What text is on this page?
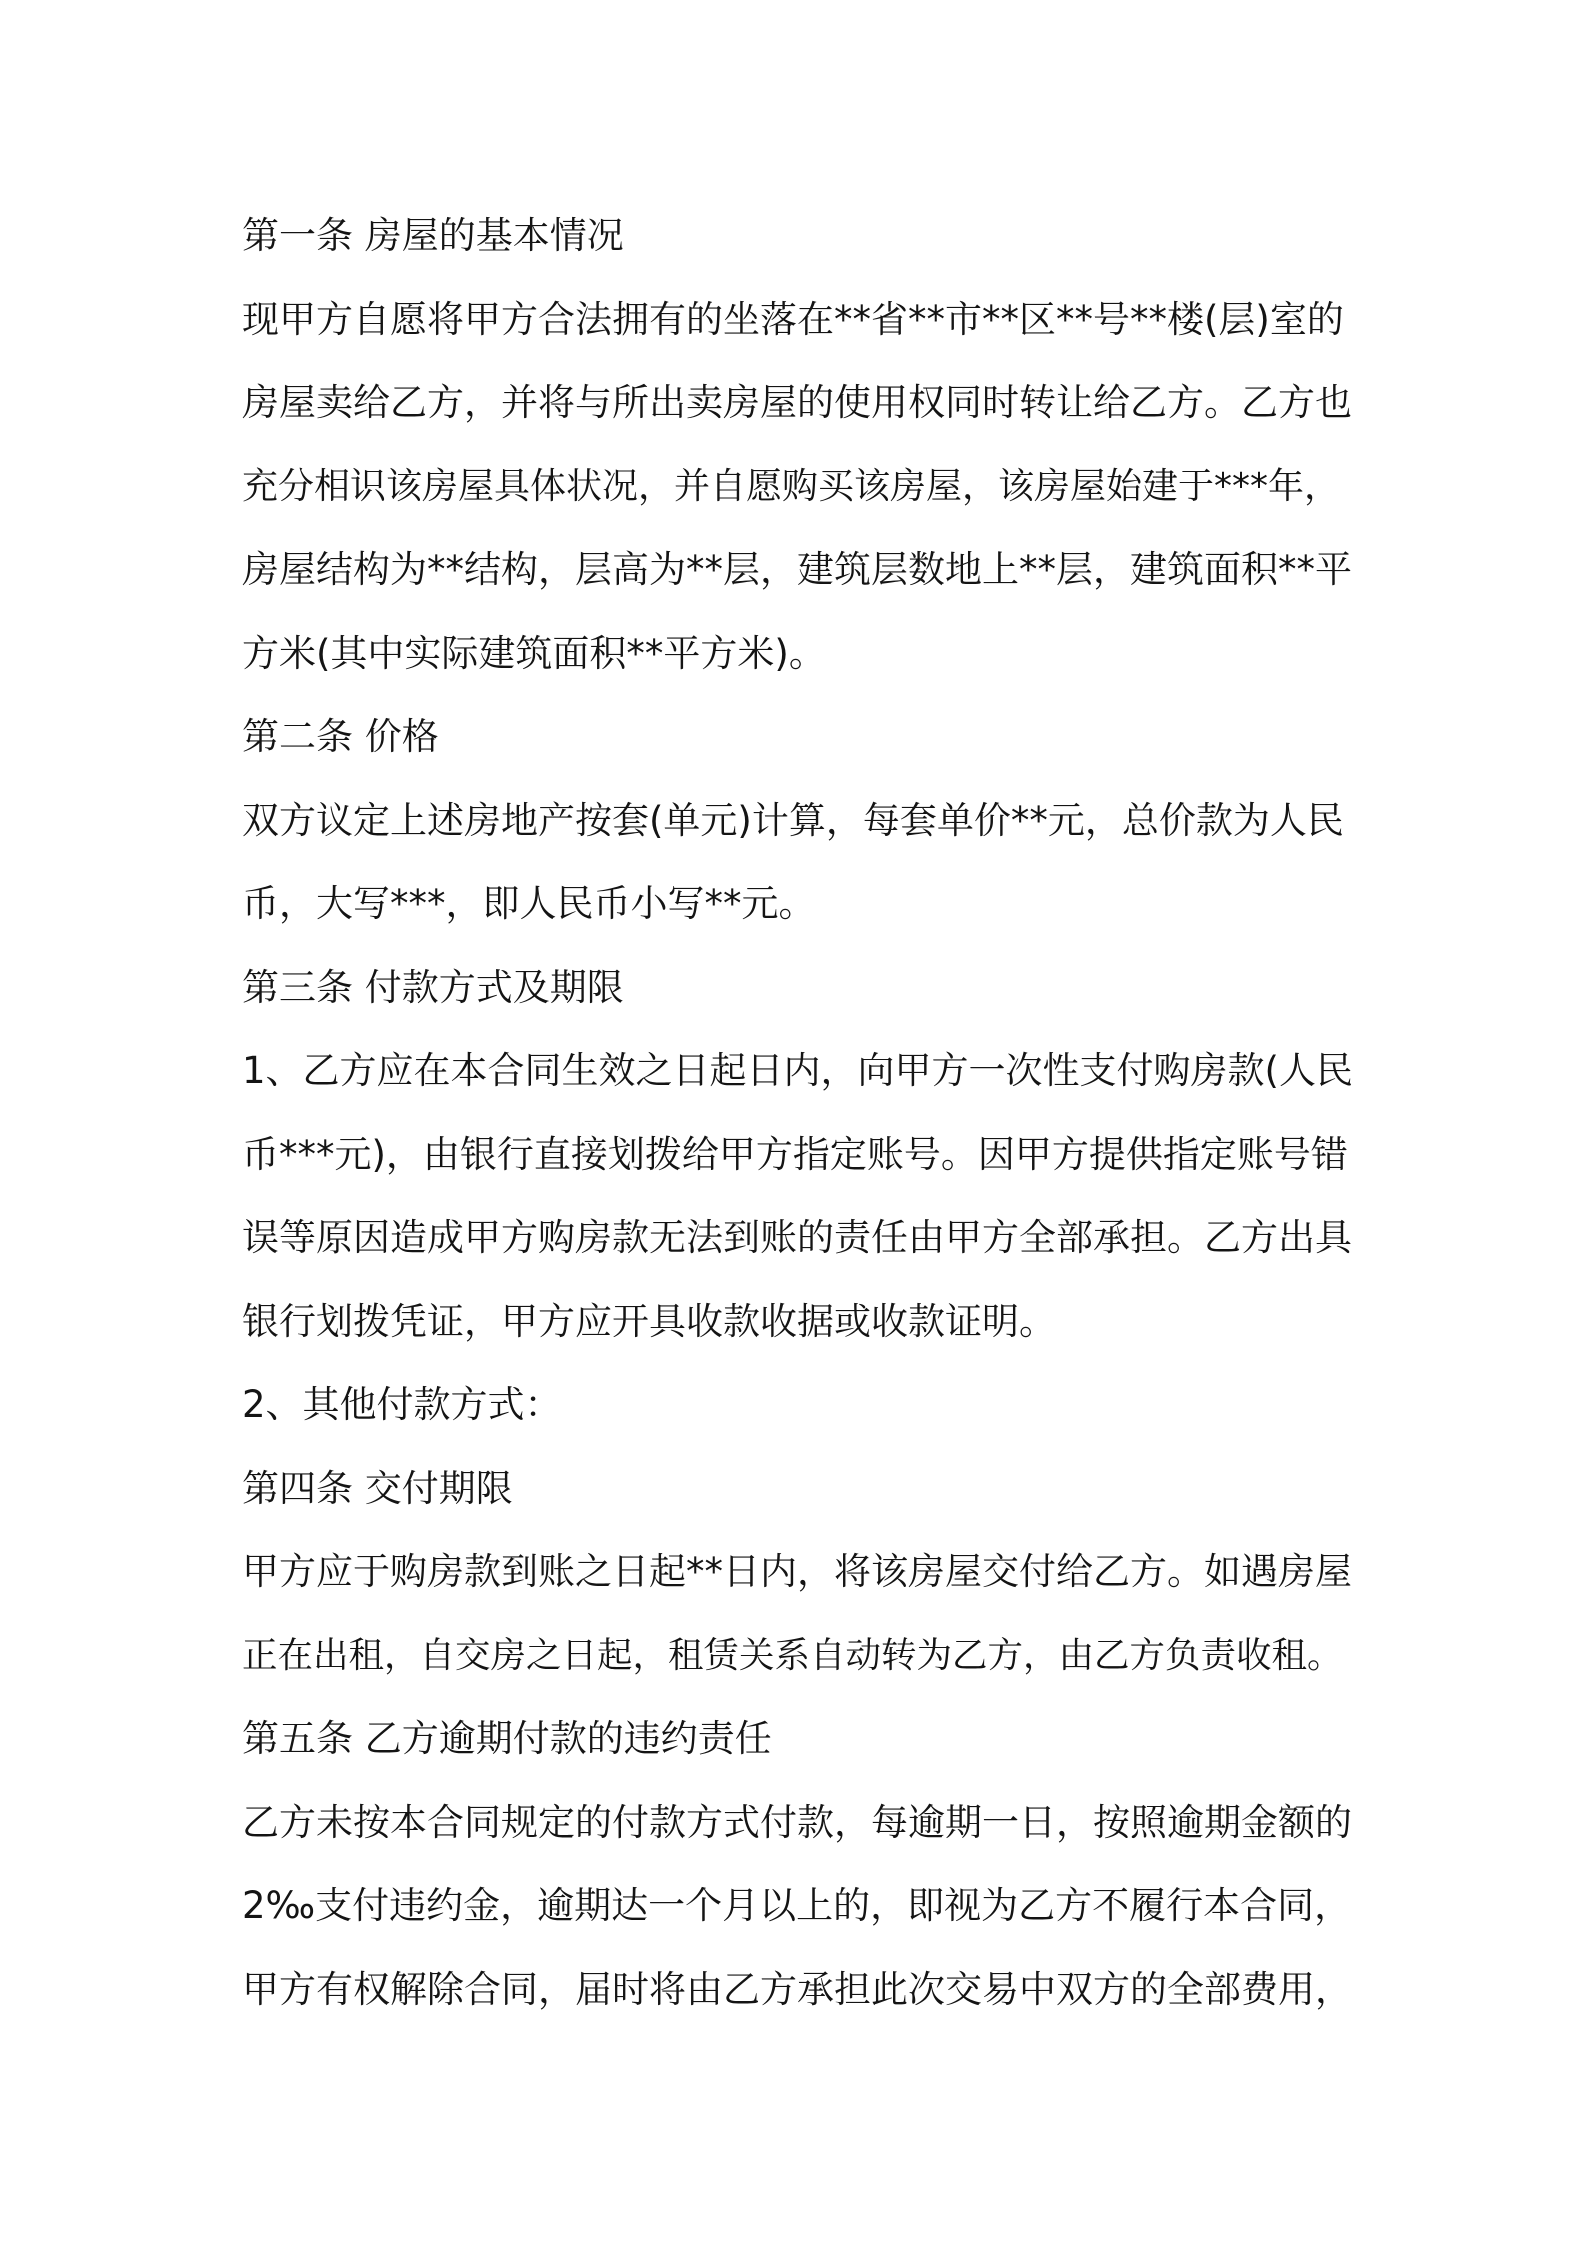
第一条 房屋的基本情况
现甲方自愿将甲方合法拥有的坐落在**省**市**区**号**楼(层)室的
房屋卖给乙方，并将与所出卖房屋的使用权同时转让给乙方。乙方也
充分相识该房屋具体状况，并自愿购买该房屋，该房屋始建于***年，
房屋结构为**结构，层高为**层，建筑层数地上**层，建筑面积**平
方米(其中实际建筑面积**平方米)。
第二条 价格
双方议定上述房地产按套(单元)计算，每套单价**元，总价款为人民
币，大写***，即人民币小写**元。
第三条 付款方式及期限
1、乙方应在本合同生效之日起日内，向甲方一次性支付购房款(人民
币***元)，由银行直接划拨给甲方指定账号。因甲方提供指定账号错
误等原因造成甲方购房款无法到账的责任由甲方全部承担。乙方出具
银行划拨凭证，甲方应开具收款收据或收款证明。
2、其他付款方式：
第四条 交付期限
甲方应于购房款到账之日起**日内，将该房屋交付给乙方。如遇房屋
正在出租，自交房之日起，租赁关系自动转为乙方，由乙方负责收租。
第五条 乙方逾期付款的违约责任
乙方未按本合同规定的付款方式付款，每逾期一日，按照逾期金额的
2‰支付违约金，逾期达一个月以上的，即视为乙方不履行本合同，
甲方有权解除合同，届时将由乙方承担此次交易中双方的全部费用，
